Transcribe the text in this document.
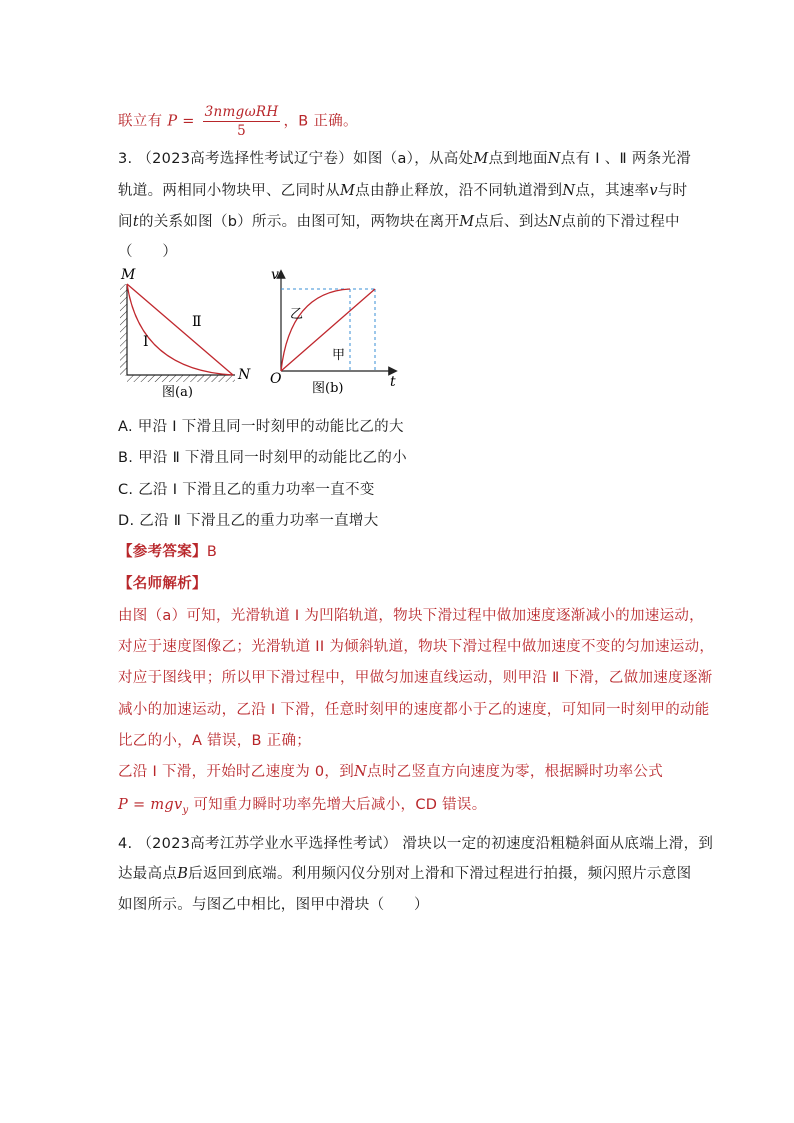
联立有 $P = \frac{\text{3nmgωRH}}{5}$ ，B 正确。
3. （2023高考选择性考试辽宁卷）如图（a），从高处M点到地面N点有 Ⅰ 、Ⅱ 两条光滑
轨道。两相同小物块甲、乙同时从M点由静止释放，沿不同轨道滑到N点，其速率v与时
间t的关系如图（b）所示。由图可知，两物块在离开M点后、到达N点前的下滑过程中
（　　）
M
N
Ⅰ
Ⅱ
图(a)
v
t
O
乙
甲
图(b)
A. 甲沿 Ⅰ 下滑且同一时刻甲的动能比乙的大
B. 甲沿 Ⅱ 下滑且同一时刻甲的动能比乙的小
C. 乙沿 Ⅰ 下滑且乙的重力功率一直不变
D. 乙沿 Ⅱ 下滑且乙的重力功率一直增大
【参考答案】B
【名师解析】
由图（a）可知，光滑轨道 I 为凹陷轨道，物块下滑过程中做加速度逐渐减小的加速运动，
对应于速度图像乙；光滑轨道 II 为倾斜轨道，物块下滑过程中做加速度不变的匀加速运动，
对应于图线甲；所以甲下滑过程中，甲做匀加速直线运动，则甲沿 Ⅱ 下滑，乙做加速度逐渐
减小的加速运动，乙沿 I 下滑，任意时刻甲的速度都小于乙的速度，可知同一时刻甲的动能
比乙的小，A 错误，B 正确；
乙沿 I 下滑，开始时乙速度为 0，到N点时乙竖直方向速度为零，根据瞬时功率公式
P = mgv$_y$ 可知重力瞬时功率先增大后减小，CD 错误。
4. （2023高考江苏学业水平选择性考试） 滑块以一定的初速度沿粗糙斜面从底端上滑，到
达最高点B后返回到底端。利用频闪仪分别对上滑和下滑过程进行拍摄，频闪照片示意图
如图所示。与图乙中相比，图甲中滑块（　　）
